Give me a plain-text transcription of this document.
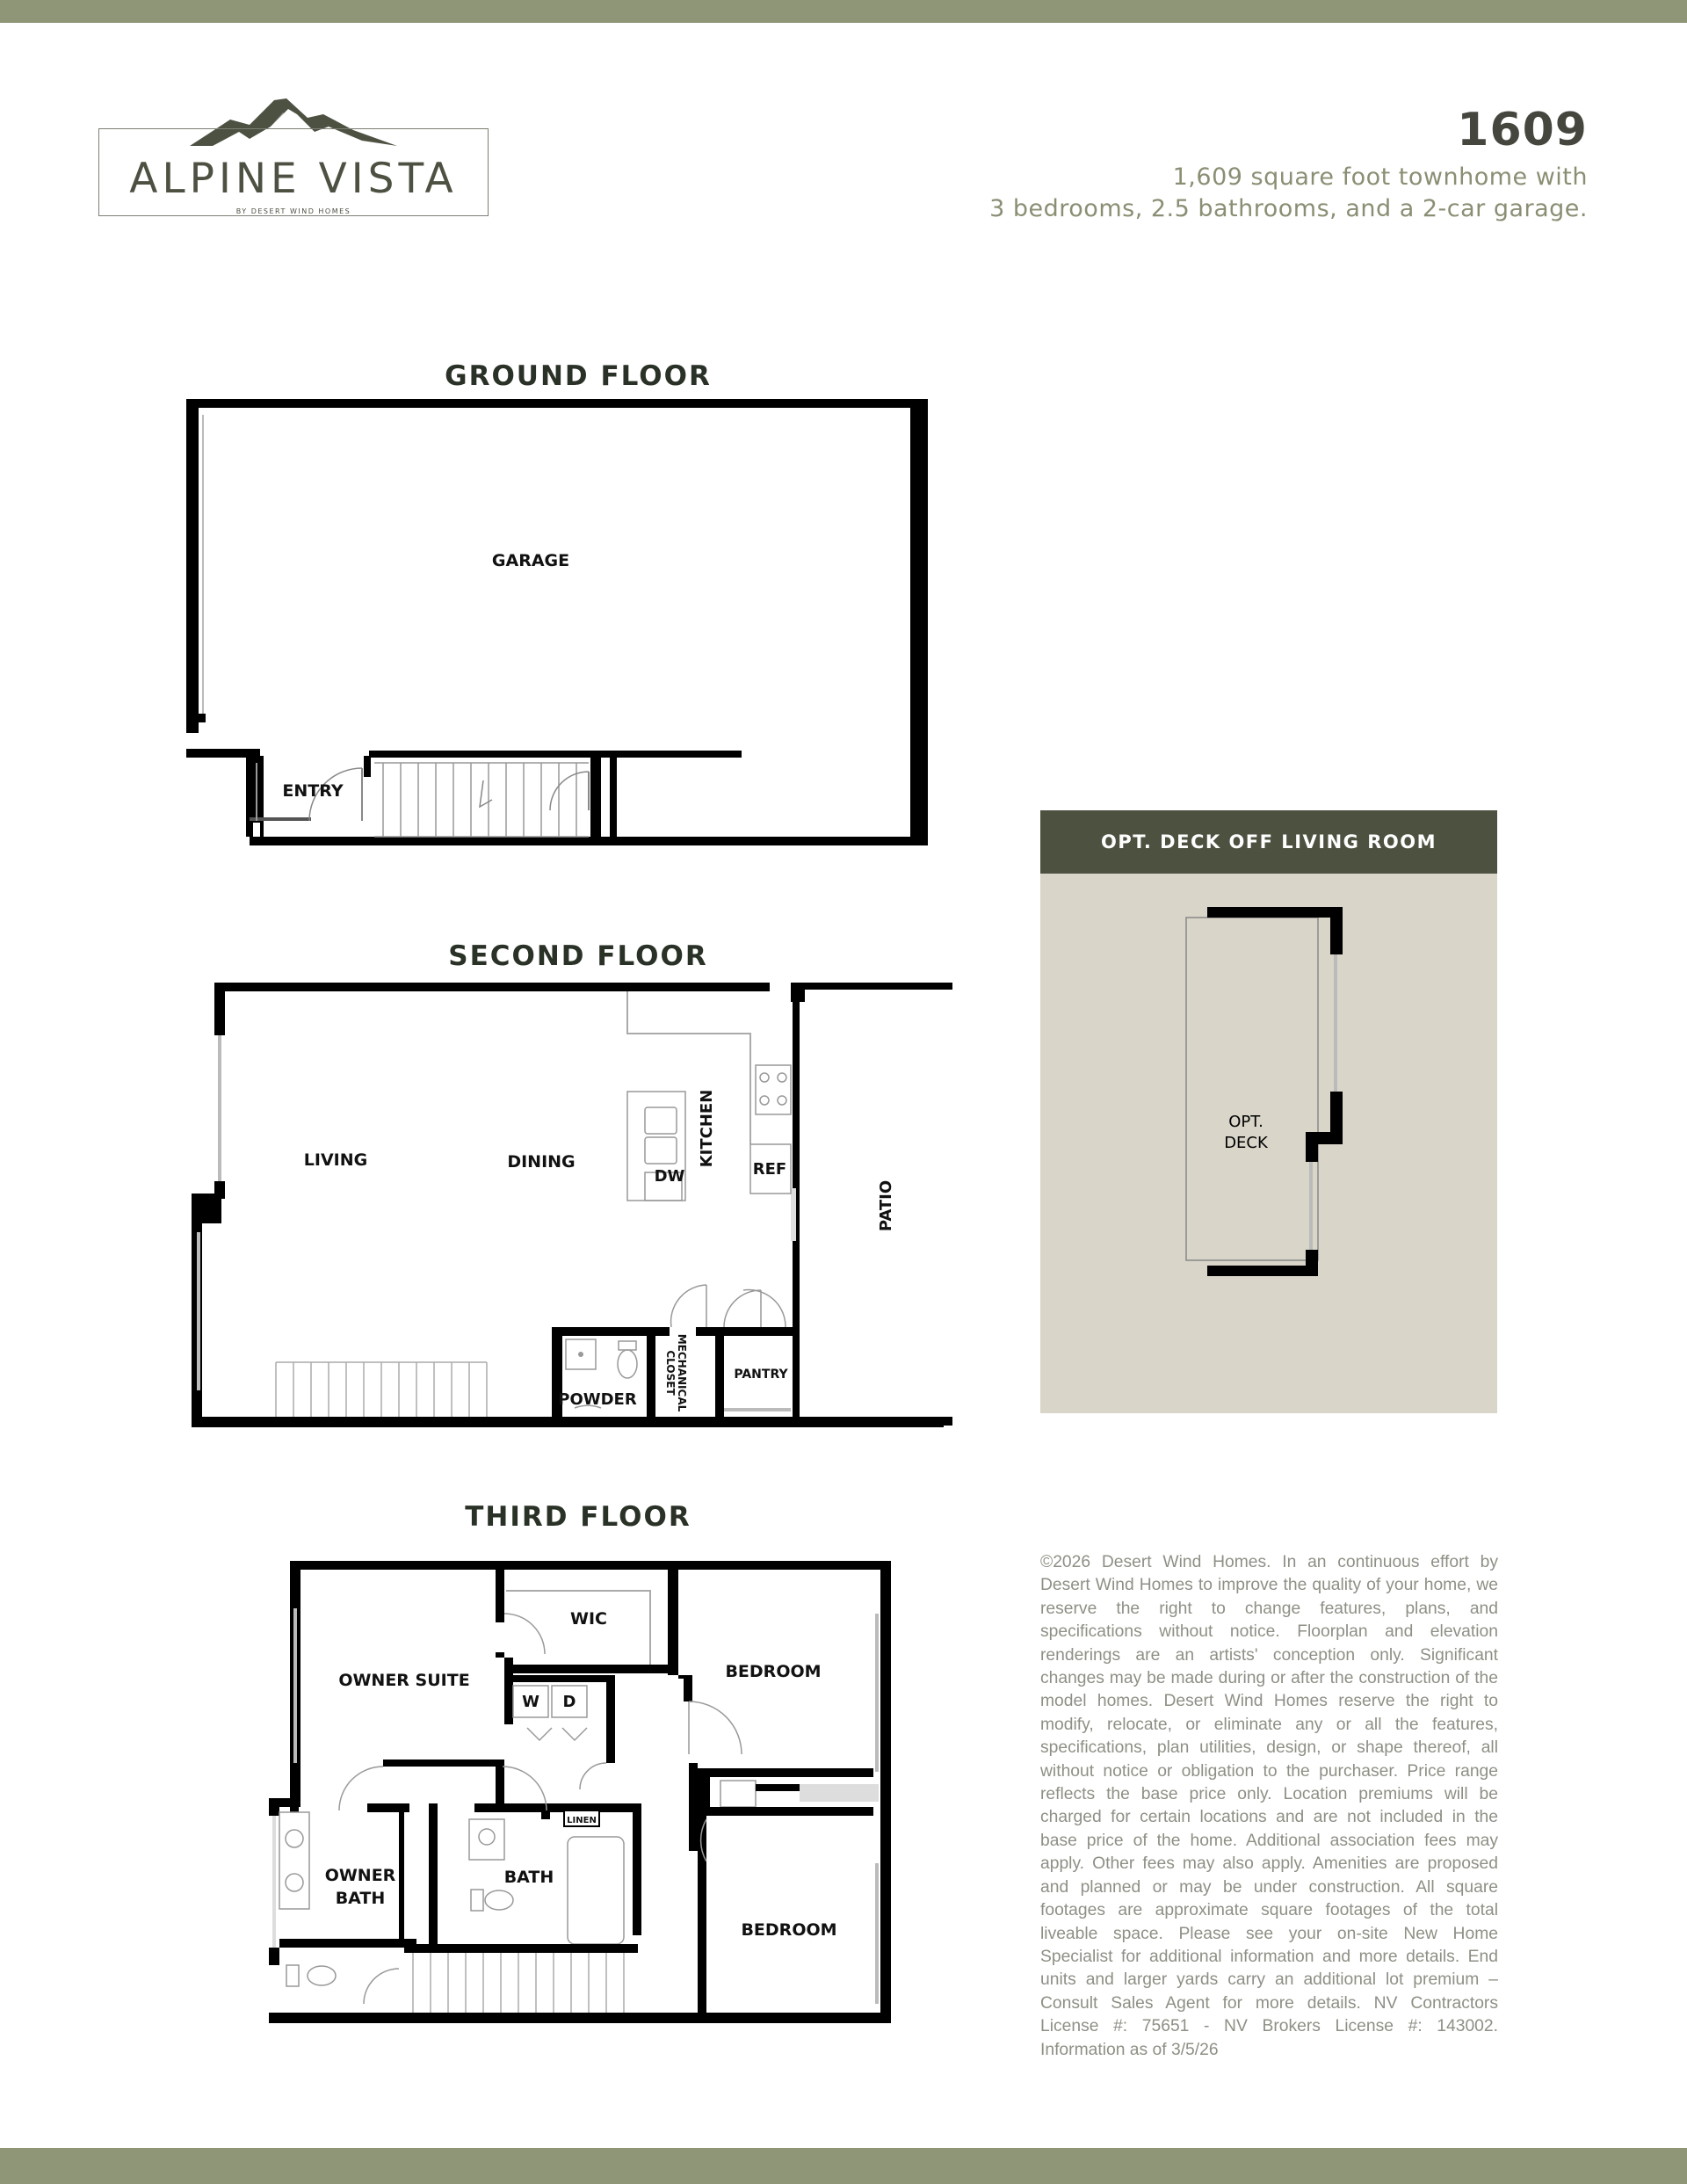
ALPINE VISTA
BY DESERT WIND HOMES
1609
1,609 square foot townhome with
3 bedrooms, 2.5 bathrooms, and a 2-car garage.
GROUND FLOOR
GARAGE
ENTRY
SECOND FLOOR
LIVING	DINING	KITCHEN
REF
DW
PATIO
POWDER	MECHANICAL
CLOSET	PANTRY
THIRD FLOOR
OWNER SUITE
WIC
W D
BEDROOM
BEDROOM
LINEN
OWNER
BATH
BATH
OPT. DECK OFF LIVING ROOM
OPT.
DECK
©2026 Desert Wind Homes. In an continuous effort by Desert Wind Homes to improve the quality of your home, we reserve the right to change features, plans, and specifications without notice. Floorplan and elevation renderings are an artists' conception only. Significant changes may be made during or after the construction of the model homes. Desert Wind Homes reserve the right to modify, relocate, or eliminate any or all the features, specifications, plan utilities, design, or shape thereof, all without notice or obligation to the purchaser. Price range reflects the base price only. Location premiums will be charged for certain locations and are not included in the base price of the home. Additional association fees may apply. Other fees may also apply. Amenities are proposed and planned or may be under construction. All square footages are approximate square footages of the total liveable space. Please see your on-site New Home Specialist for additional information and more details. End units and larger yards carry an additional lot premium – Consult Sales Agent for more details. NV Contractors License #: 75651 - NV Brokers License #: 143002. Information as of 3/5/26
